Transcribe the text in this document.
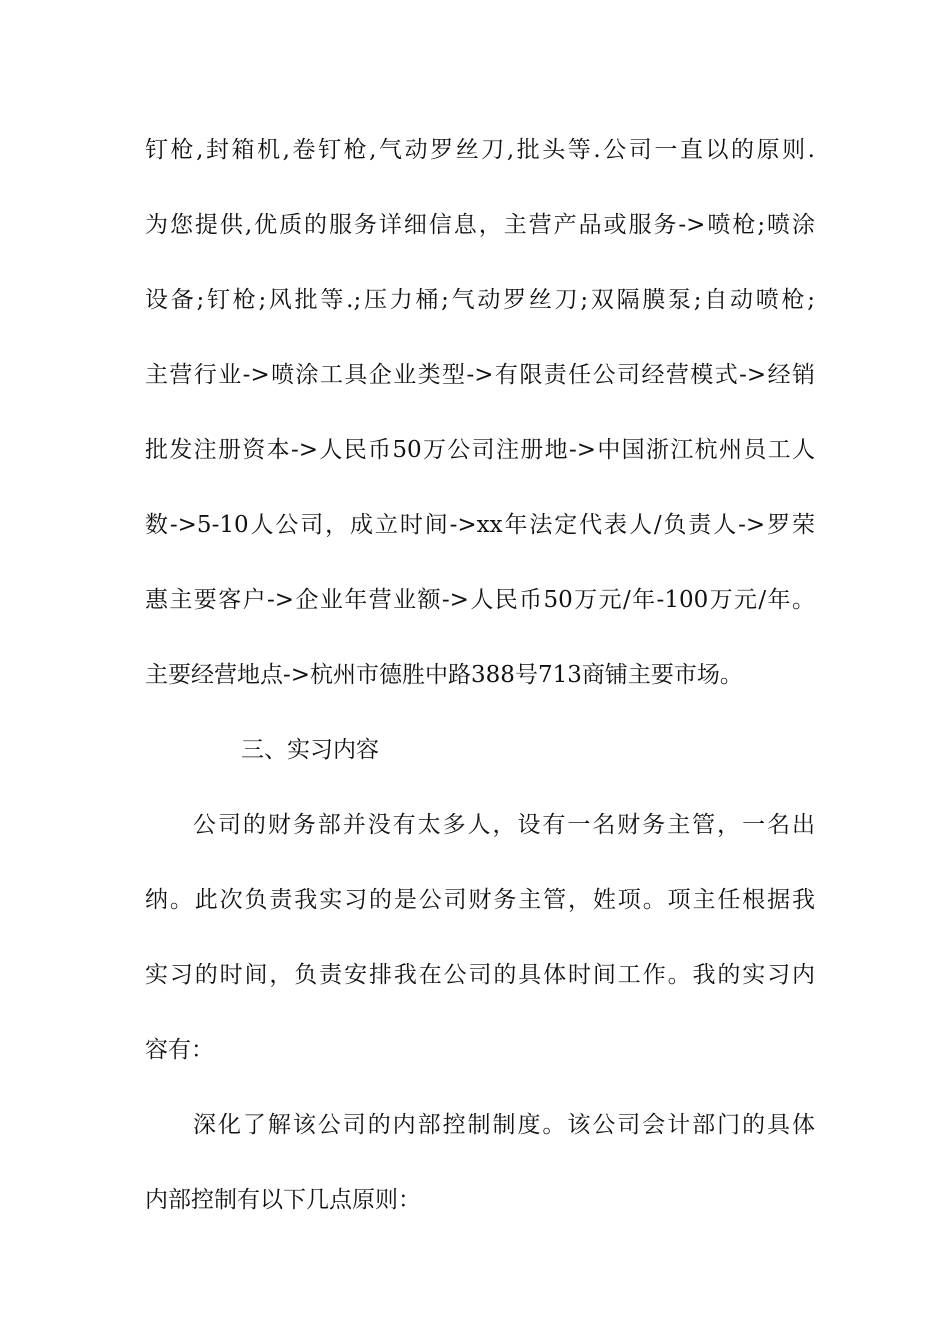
钉枪,封箱机,卷钉枪,气动罗丝刀,批头等.公司一直以的原则.
为您提供,优质的服务详细信息，主营产品或服务->喷枪;喷涂
设备;钉枪;风批等.;压力桶;气动罗丝刀;双隔膜泵;自动喷枪;
主营行业->喷涂工具企业类型->有限责任公司经营模式->经销
批发注册资本->人民币50万公司注册地->中国浙江杭州员工人
数->5-10人公司，成立时间->xx年法定代表人/负责人->罗荣
惠主要客户->企业年营业额->人民币50万元/年-100万元/年。
主要经营地点->杭州市德胜中路388号713商铺主要市场。
三、实习内容
公司的财务部并没有太多人，设有一名财务主管，一名出
纳。此次负责我实习的是公司财务主管，姓项。项主任根据我
实习的时间，负责安排我在公司的具体时间工作。我的实习内
容有：
深化了解该公司的内部控制制度。该公司会计部门的具体
内部控制有以下几点原则：
